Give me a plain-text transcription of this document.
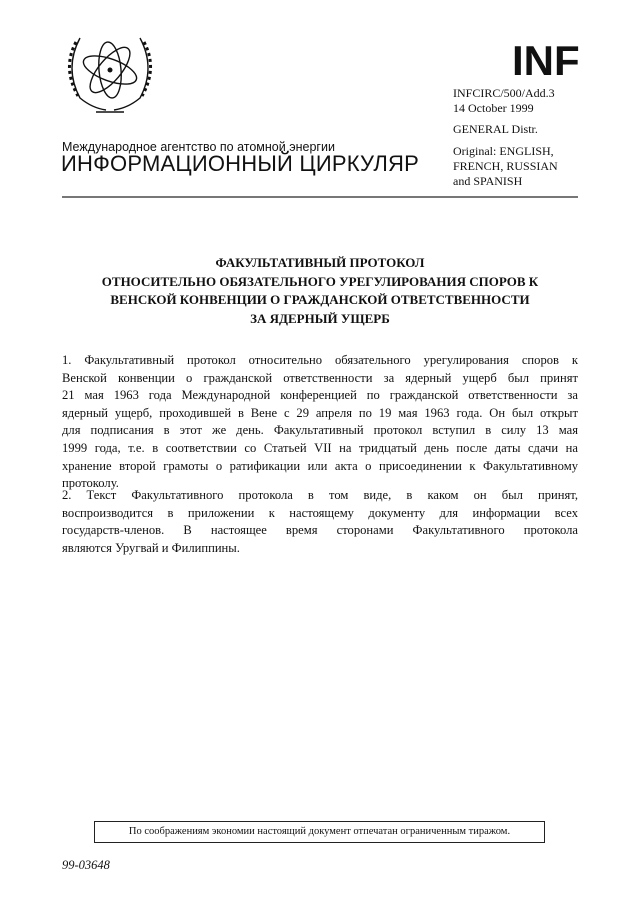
INF
INFCIRC/500/Add.3
14 October 1999
GENERAL Distr.
Original: ENGLISH,
FRENCH, RUSSIAN
and SPANISH
Международное агентство по атомной энергии
ИНФОРМАЦИОННЫЙ ЦИРКУЛЯР
ФАКУЛЬТАТИВНЫЙ ПРОТОКОЛ
ОТНОСИТЕЛЬНО ОБЯЗАТЕЛЬНОГО УРЕГУЛИРОВАНИЯ СПОРОВ К
ВЕНСКОЙ КОНВЕНЦИИ О ГРАЖДАНСКОЙ ОТВЕТСТВЕННОСТИ
ЗА ЯДЕРНЫЙ УЩЕРБ
1. Факультативный протокол относительно обязательного урегулирования споров к
Венской конвенции о гражданской ответственности за ядерный ущерб был принят
21 мая 1963 года Международной конференцией по гражданской ответственности за
ядерный ущерб, проходившей в Вене с 29 апреля по 19 мая 1963 года. Он был открыт
для подписания в этот же день. Факультативный протокол вступил в силу 13 мая
1999 года, т.е. в соответствии со Статьей VII на тридцатый день после даты сдачи на
хранение второй грамоты о ратификации или акта о присоединении к Факультативному
протоколу.
2. Текст Факультативного протокола в том виде, в каком он был принят,
воспроизводится в приложении к настоящему документу для информации всех
государств-членов. В настоящее время сторонами Факультативного протокола
являются Уругвай и Филиппины.
По соображениям экономии настоящий документ отпечатан ограниченным тиражом.
99-03648
